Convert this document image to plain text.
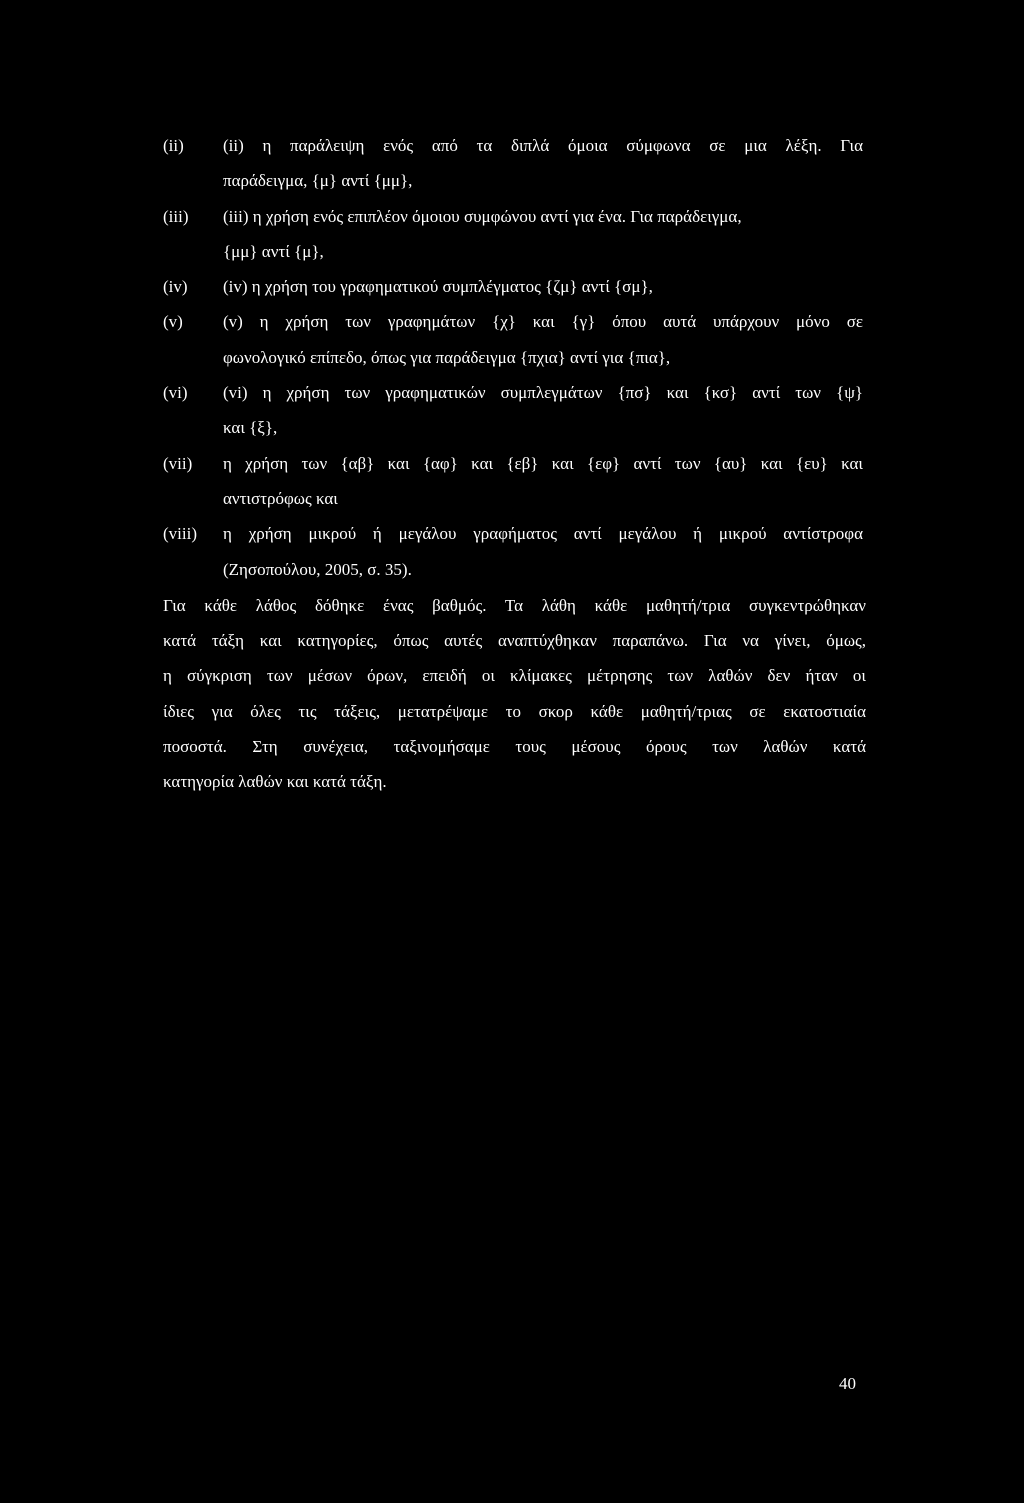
(ii)	(ii) η παράλειψη ενός από τα διπλά όμοια σύμφωνα σε μια λέξη. Για
παράδειγμα, {μ} αντί {μμ},
(iii)	(iii) η χρήση ενός επιπλέον όμοιου συμφώνου αντί για ένα. Για παράδειγμα,
{μμ} αντί {μ},
(iv)	(iv) η χρήση του γραφηματικού συμπλέγματος {ζμ} αντί {σμ},
(v)	(v) η χρήση των γραφημάτων {χ} και {γ} όπου αυτά υπάρχουν μόνο σε
φωνολογικό επίπεδο, όπως για παράδειγμα {πχια} αντί για {πια},
(vi)	(vi) η χρήση των γραφηματικών συμπλεγμάτων {πσ} και {κσ} αντί των {ψ}
και {ξ},
(vii)	η χρήση των {αβ} και {αφ} και {εβ} και {εφ} αντί των {αυ} και {ευ} και
αντιστρόφως και
(viii)	η χρήση μικρού ή μεγάλου γραφήματος αντί μεγάλου ή μικρού αντίστροφα
(Ζησοπούλου, 2005, σ. 35).
Για κάθε λάθος δόθηκε ένας βαθμός. Τα λάθη κάθε μαθητή/τρια συγκεντρώθηκαν
κατά τάξη και κατηγορίες, όπως αυτές αναπτύχθηκαν παραπάνω. Για να γίνει, όμως,
η σύγκριση των μέσων όρων, επειδή οι κλίμακες μέτρησης των λαθών δεν ήταν οι
ίδιες για όλες τις τάξεις, μετατρέψαμε το σκορ κάθε μαθητή/τριας σε εκατοστιαία
ποσοστά. Στη συνέχεια, ταξινομήσαμε τους μέσους όρους των λαθών κατά
κατηγορία λαθών και κατά τάξη.
40
